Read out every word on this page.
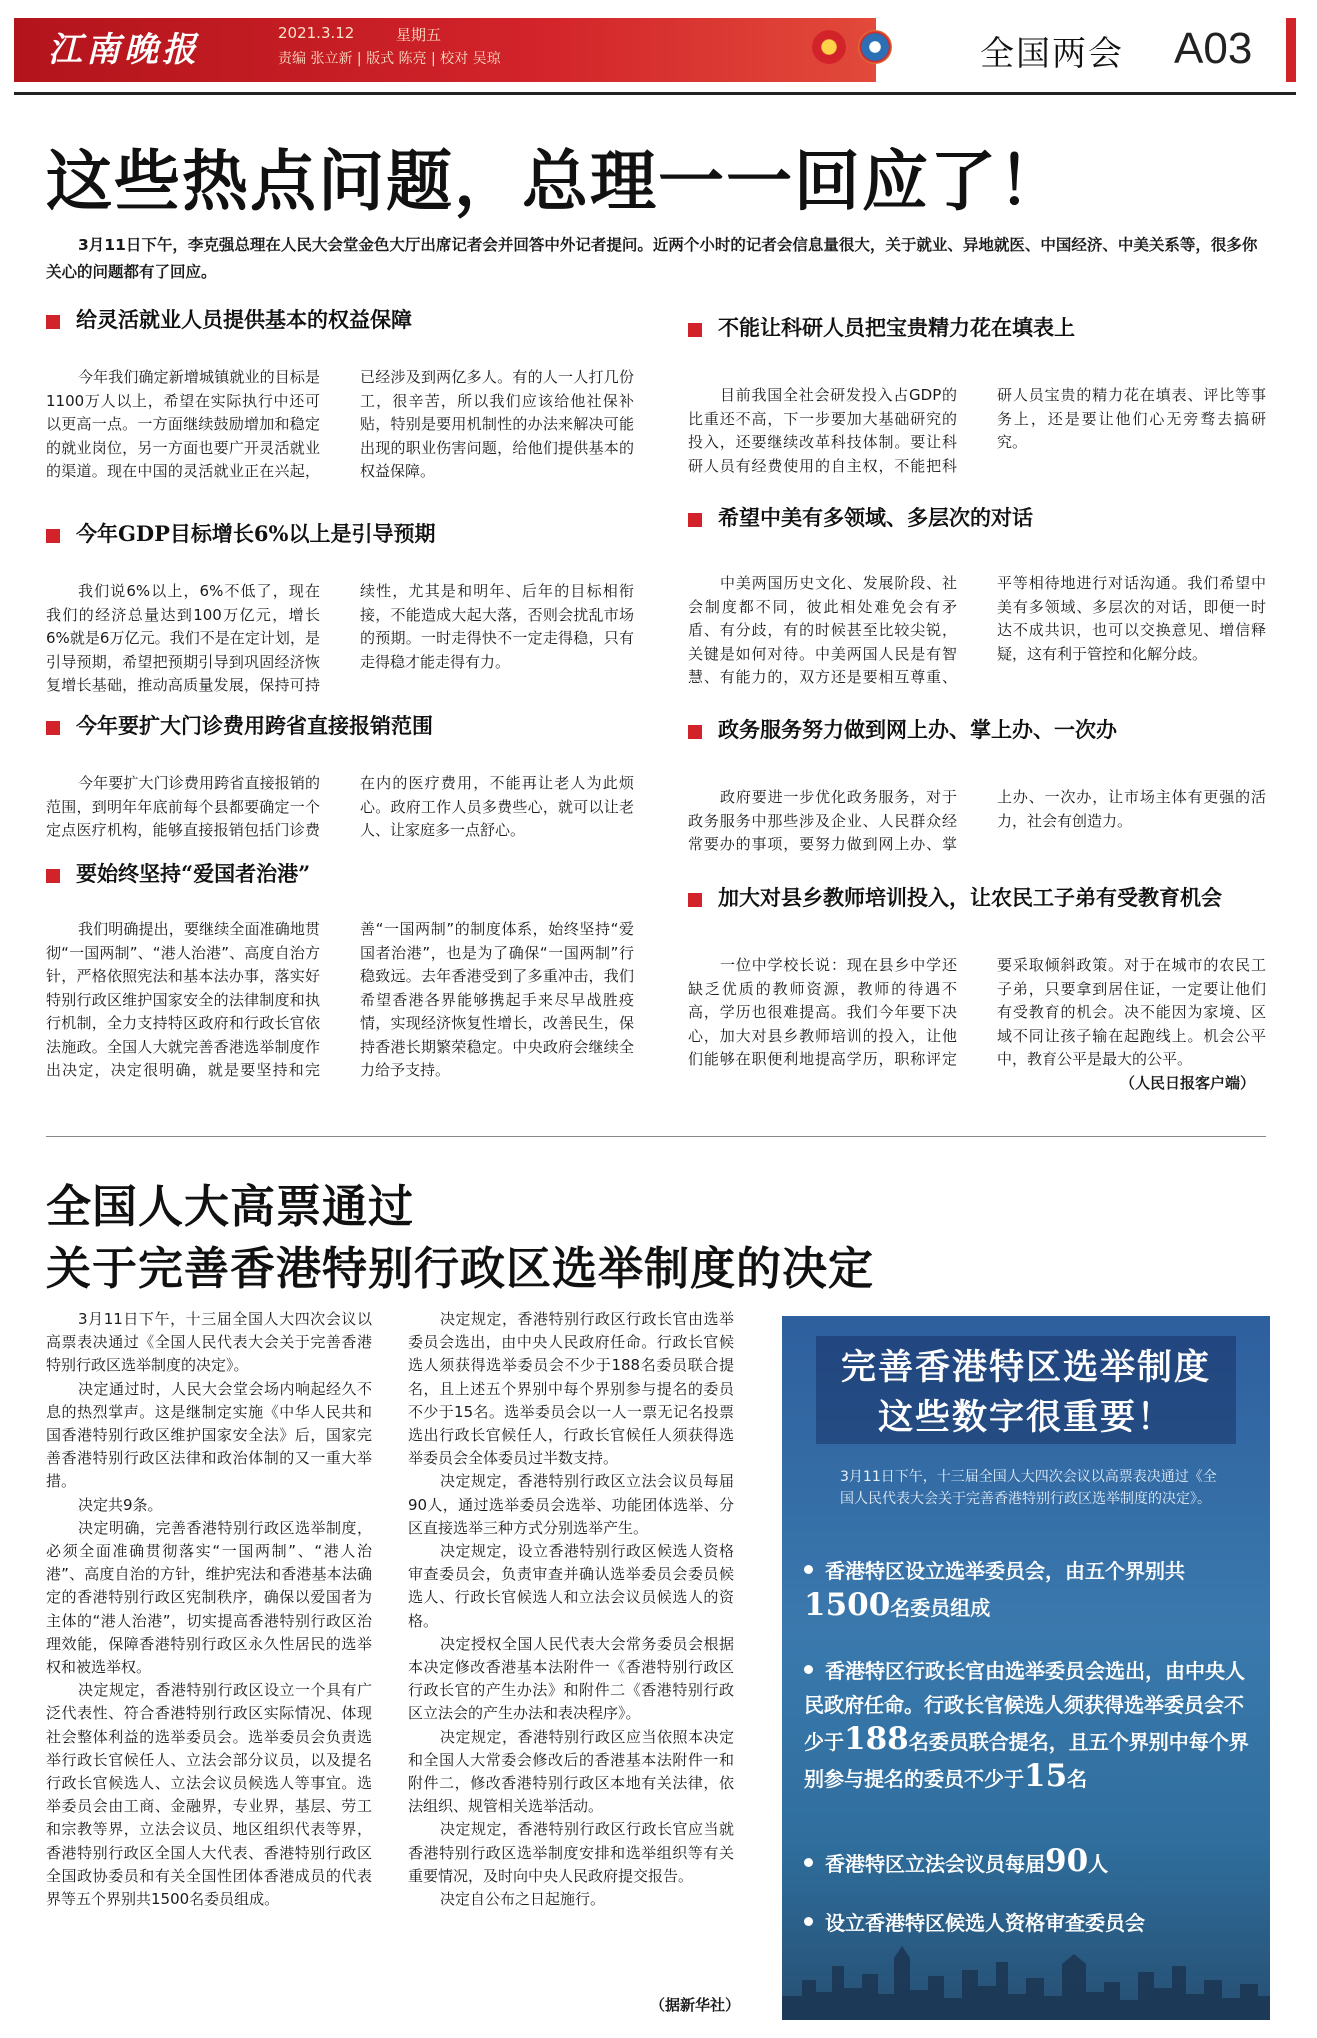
江南晚报	2021.3.12	星期五
责编 张立新 | 版式 陈亮 | 校对 吴琼	全国两会 A03
这些热点问题，总理一一回应了！
3月11日下午，李克强总理在人民大会堂金色大厅出席记者会并回答中外记者提问。近两个小时的记者会信息量很大，关于就业、异地就医、中国经济、中美关系等，很多你关心的问题都有了回应。
给灵活就业人员提供基本的权益保障
今年我们确定新增城镇就业的目标是1100万人以上，希望在实际执行中还可以更高一点。一方面继续鼓励增加和稳定的就业岗位，另一方面也要广开灵活就业的渠道。现在中国的灵活就业正在兴起，已经涉及到两亿多人。有的人一人打几份工，很辛苦，所以我们应该给他社保补贴，特别是要用机制性的办法来解决可能出现的职业伤害问题，给他们提供基本的权益保障。
今年GDP目标增长6%以上是引导预期
我们说6%以上，6%不低了，现在我们的经济总量达到100万亿元，增长6%就是6万亿元。我们不是在定计划，是引导预期，希望把预期引导到巩固经济恢复增长基础，推动高质量发展，保持可持续性，尤其是和明年、后年的目标相衔接，不能造成大起大落，否则会扰乱市场的预期。一时走得快不一定走得稳，只有走得稳才能走得有力。
今年要扩大门诊费用跨省直接报销范围
今年要扩大门诊费用跨省直接报销的范围，到明年年底前每个县都要确定一个定点医疗机构，能够直接报销包括门诊费在内的医疗费用，不能再让老人为此烦心。政府工作人员多费些心，就可以让老人、让家庭多一点舒心。
要始终坚持“爱国者治港”
我们明确提出，要继续全面准确地贯彻“一国两制”、“港人治港”、高度自治方针，严格依照宪法和基本法办事，落实好特别行政区维护国家安全的法律制度和执行机制，全力支持特区政府和行政长官依法施政。全国人大就完善香港选举制度作出决定，决定很明确，就是要坚持和完善“一国两制”的制度体系，始终坚持“爱国者治港”，也是为了确保“一国两制”行稳致远。去年香港受到了多重冲击，我们希望香港各界能够携起手来尽早战胜疫情，实现经济恢复性增长，改善民生，保持香港长期繁荣稳定。中央政府会继续全力给予支持。
不能让科研人员把宝贵精力花在填表上
目前我国全社会研发投入占GDP的比重还不高，下一步要加大基础研究的投入，还要继续改革科技体制。要让科研人员有经费使用的自主权，不能把科研人员宝贵的精力花在填表、评比等事务上，还是要让他们心无旁骛去搞研究。
希望中美有多领域、多层次的对话
中美两国历史文化、发展阶段、社会制度都不同，彼此相处难免会有矛盾、有分歧，有的时候甚至比较尖锐，关键是如何对待。中美两国人民是有智慧、有能力的，双方还是要相互尊重、平等相待地进行对话沟通。我们希望中美有多领域、多层次的对话，即便一时达不成共识，也可以交换意见、增信释疑，这有利于管控和化解分歧。
政务服务努力做到网上办、掌上办、一次办
政府要进一步优化政务服务，对于政务服务中那些涉及企业、人民群众经常要办的事项，要努力做到网上办、掌上办、一次办，让市场主体有更强的活力，社会有创造力。
加大对县乡教师培训投入，让农民工子弟有受教育机会
一位中学校长说：现在县乡中学还缺乏优质的教师资源，教师的待遇不高，学历也很难提高。我们今年要下决心，加大对县乡教师培训的投入，让他们能够在职便利地提高学历，职称评定要采取倾斜政策。对于在城市的农民工子弟，只要拿到居住证，一定要让他们有受教育的机会。决不能因为家境、区域不同让孩子输在起跑线上。机会公平中，教育公平是最大的公平。
（人民日报客户端）
全国人大高票通过
关于完善香港特别行政区选举制度的决定

3月11日下午，十三届全国人大四次会议以高票表决通过《全国人民代表大会关于完善香港特别行政区选举制度的决定》。

决定通过时，人民大会堂会场内响起经久不息的热烈掌声。这是继制定实施《中华人民共和国香港特别行政区维护国家安全法》后，国家完善香港特别行政区法律和政治体制的又一重大举措。

决定共9条。

决定明确，完善香港特别行政区选举制度，必须全面准确贯彻落实“一国两制”、“港人治港”、高度自治的方针，维护宪法和香港基本法确定的香港特别行政区宪制秩序，确保以爱国者为主体的“港人治港”，切实提高香港特别行政区治理效能，保障香港特别行政区永久性居民的选举权和被选举权。

决定规定，香港特别行政区设立一个具有广泛代表性、符合香港特别行政区实际情况、体现社会整体利益的选举委员会。选举委员会负责选举行政长官候任人、立法会部分议员，以及提名行政长官候选人、立法会议员候选人等事宜。选举委员会由工商、金融界，专业界，基层、劳工和宗教等界，立法会议员、地区组织代表等界，香港特别行政区全国人大代表、香港特别行政区全国政协委员和有关全国性团体香港成员的代表界等五个界别共1500名委员组成。

决定规定，香港特别行政区行政长官由选举委员会选出，由中央人民政府任命。行政长官候选人须获得选举委员会不少于188名委员联合提名，且上述五个界别中每个界别参与提名的委员不少于15名。选举委员会以一人一票无记名投票选出行政长官候任人，行政长官候任人须获得选举委员会全体委员过半数支持。

决定规定，香港特别行政区立法会议员每届90人，通过选举委员会选举、功能团体选举、分区直接选举三种方式分别选举产生。

决定规定，设立香港特别行政区候选人资格审查委员会，负责审查并确认选举委员会委员候选人、行政长官候选人和立法会议员候选人的资格。

决定授权全国人民代表大会常务委员会根据本决定修改香港基本法附件一《香港特别行政区行政长官的产生办法》和附件二《香港特别行政区立法会的产生办法和表决程序》。

决定规定，香港特别行政区应当依照本决定和全国人大常委会修改后的香港基本法附件一和附件二，修改香港特别行政区本地有关法律，依法组织、规管相关选举活动。

决定规定，香港特别行政区行政长官应当就香港特别行政区选举制度安排和选举组织等有关重要情况，及时向中央人民政府提交报告。

决定自公布之日起施行。

（据新华社）
完善香港特区选举制度
这些数字很重要！
3月11日下午，十三届全国人大四次会议以高票表决通过《全国人民代表大会关于完善香港特别行政区选举制度的决定》。
香港特区设立选举委员会，由五个界别共1500名委员组成
香港特区行政长官由选举委员会选出，由中央人民政府任命。行政长官候选人须获得选举委员会不少于188名委员联合提名，且五个界别中每个界别参与提名的委员不少于15名
香港特区立法会议员每届90人
设立香港特区候选人资格审查委员会
